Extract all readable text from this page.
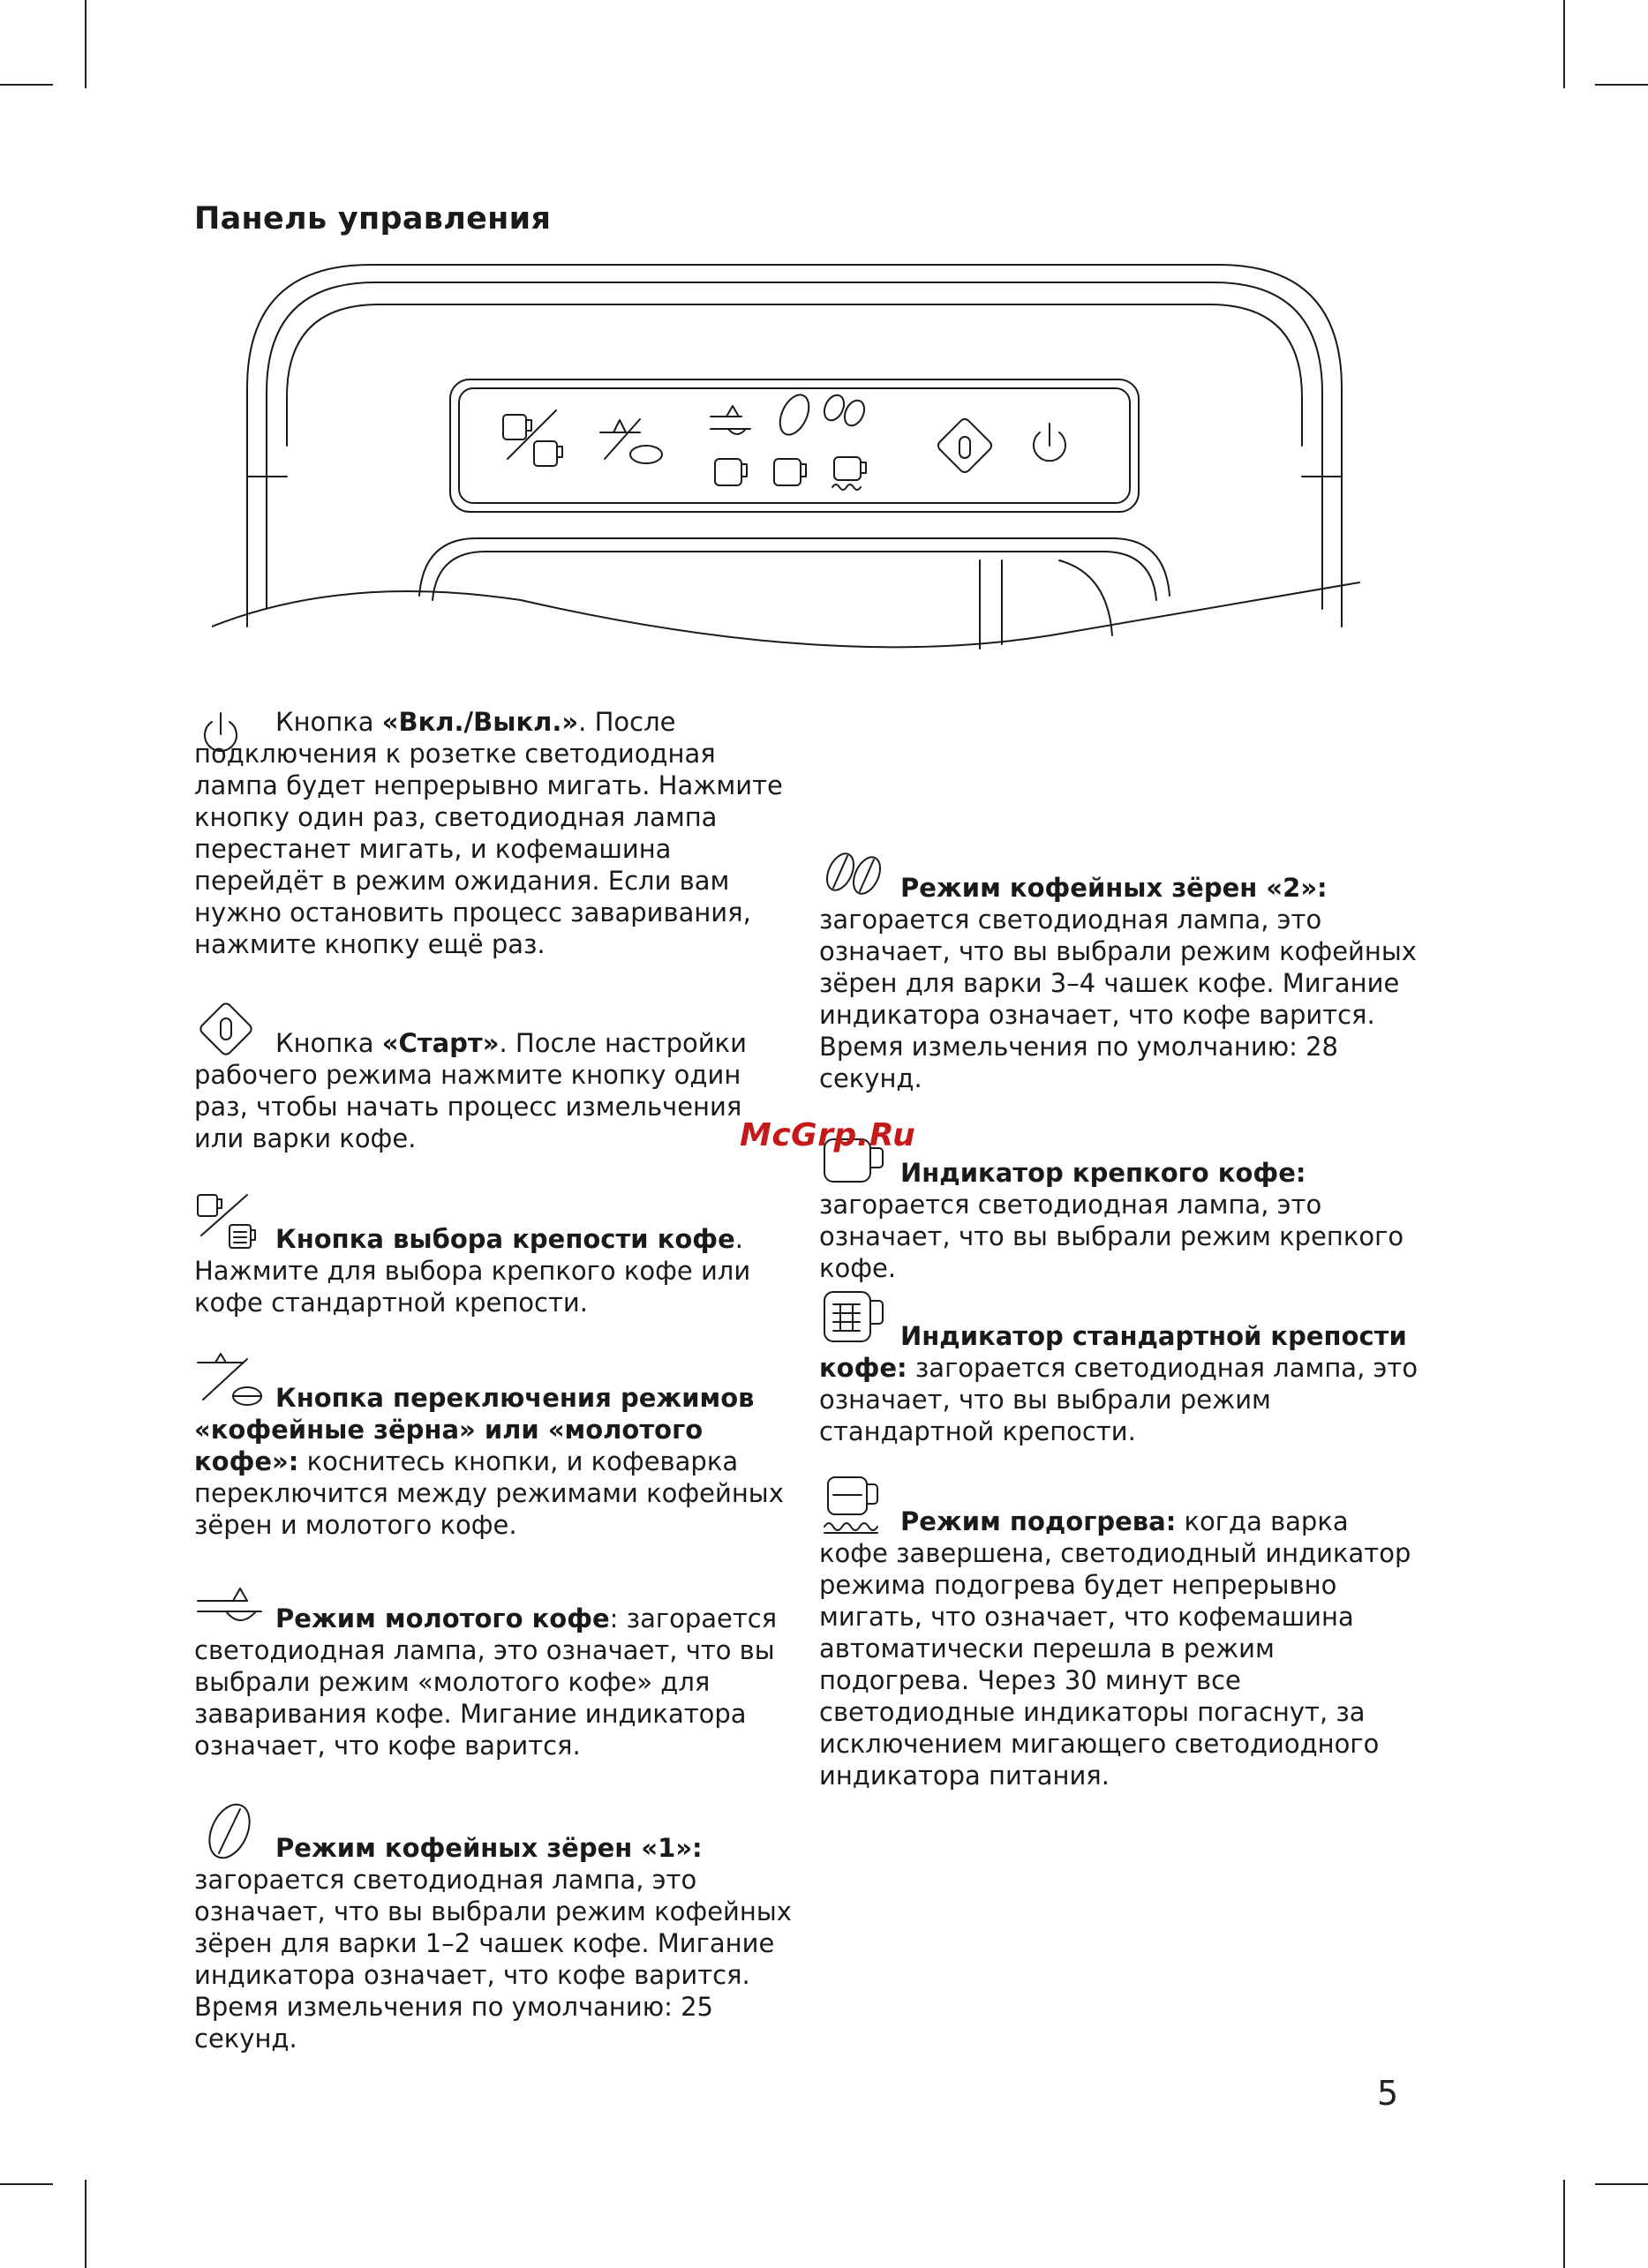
Панель управления

Кнопка «Вкл./Выкл.». После подключения к розетке светодиодная лампа будет непрерывно мигать. Нажмите кнопку один раз, светодиодная лампа перестанет мигать, и кофемашина перейдёт в режим ожидания. Если вам нужно остановить процесс заваривания, нажмите кнопку ещё раз.

Кнопка «Старт». После настройки рабочего режима нажмите кнопку один раз, чтобы начать процесс измельчения или варки кофе.

Кнопка выбора крепости кофе. Нажмите для выбора крепкого кофе или кофе стандартной крепости.

Кнопка переключения режимов «кофейные зёрна» или «молотого кофе»: коснитесь кнопки, и кофеварка переключится между режимами кофейных зёрен и молотого кофе.

Режим молотого кофе: загорается светодиодная лампа, это означает, что вы выбрали режим «молотого кофе» для заваривания кофе. Мигание индикатора означает, что кофе варится.

Режим кофейных зёрен «1»: загорается светодиодная лампа, это означает, что вы выбрали режим кофейных зёрен для варки 1–2 чашек кофе. Мигание индикатора означает, что кофе варится. Время измельчения по умолчанию: 25 секунд.

Режим кофейных зёрен «2»: загорается светодиодная лампа, это означает, что вы выбрали режим кофейных зёрен для варки 3–4 чашек кофе. Мигание индикатора означает, что кофе варится. Время измельчения по умолчанию: 28 секунд.

Индикатор крепкого кофе: загорается светодиодная лампа, это означает, что вы выбрали режим крепкого кофе.

Индикатор стандартной крепости кофе: загорается светодиодная лампа, это означает, что вы выбрали режим стандартной крепости.

Режим подогрева: когда варка кофе завершена, светодиодный индикатор режима подогрева будет непрерывно мигать, что означает, что кофемашина автоматически перешла в режим подогрева. Через 30 минут все светодиодные индикаторы погаснут, за исключением мигающего светодиодного индикатора питания.

McGrp.Ru
5
